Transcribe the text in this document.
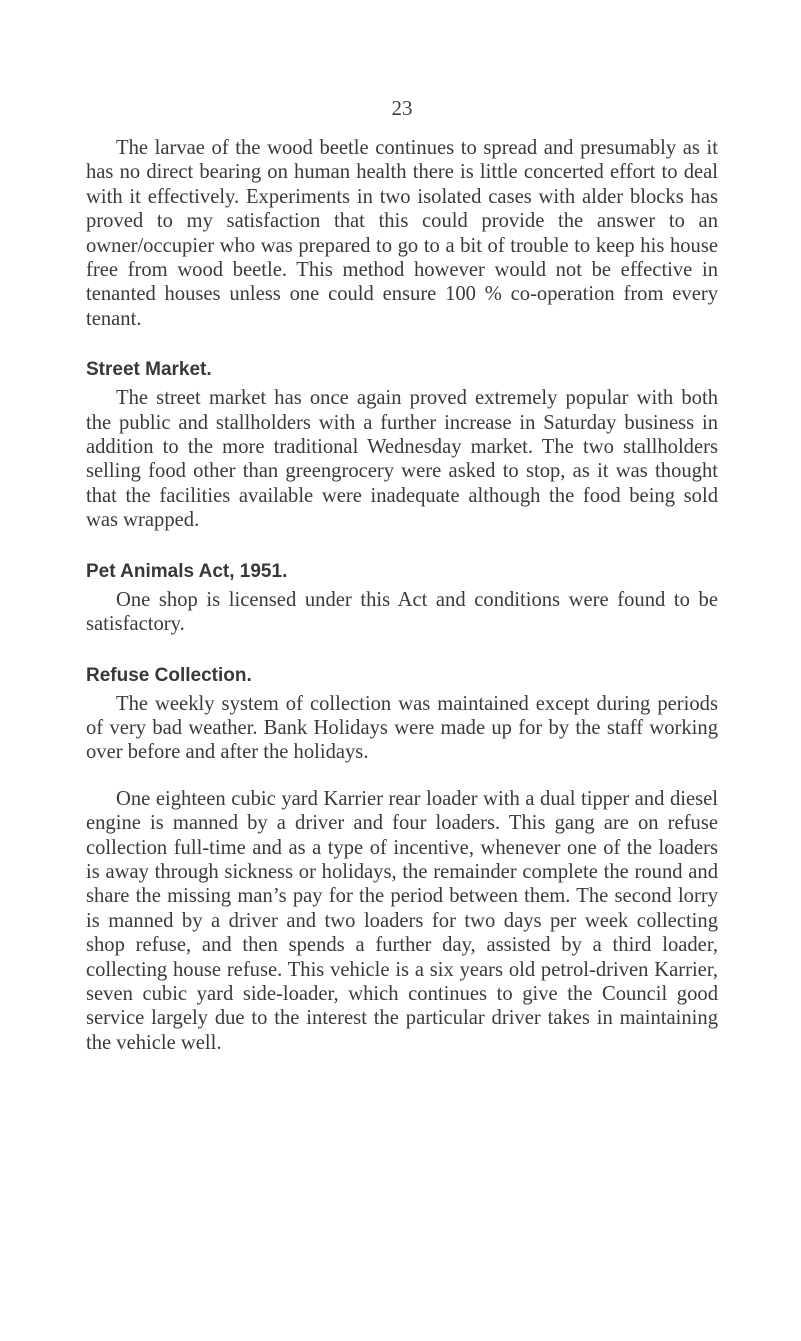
23

The larvae of the wood beetle continues to spread and presumably as it has no direct bearing on human health there is little concerted effort to deal with it effectively. Experiments in two isolated cases with alder blocks has proved to my satisfaction that this could provide the answer to an owner/occupier who was prepared to go to a bit of trouble to keep his house free from wood beetle. This method however would not be effective in tenanted houses unless one could ensure 100 % co-operation from every tenant.

Street Market.

The street market has once again proved extremely popular with both the public and stallholders with a further increase in Saturday business in addition to the more traditional Wednesday market. The two stallholders selling food other than greengrocery were asked to stop, as it was thought that the facilities available were inadequate although the food being sold was wrapped.

Pet Animals Act, 1951.

One shop is licensed under this Act and conditions were found to be satisfactory.

Refuse Collection.

The weekly system of collection was maintained except during periods of very bad weather. Bank Holidays were made up for by the staff working over before and after the holidays.

One eighteen cubic yard Karrier rear loader with a dual tipper and diesel engine is manned by a driver and four loaders. This gang are on refuse collection full-time and as a type of incentive, whenever one of the loaders is away through sickness or holidays, the remainder complete the round and share the missing man’s pay for the period between them. The second lorry is manned by a driver and two loaders for two days per week collecting shop refuse, and then spends a further day, assisted by a third loader, collecting house refuse. This vehicle is a six years old petrol-driven Karrier, seven cubic yard side-loader, which continues to give the Council good service largely due to the interest the particular driver takes in maintaining the vehicle well.
